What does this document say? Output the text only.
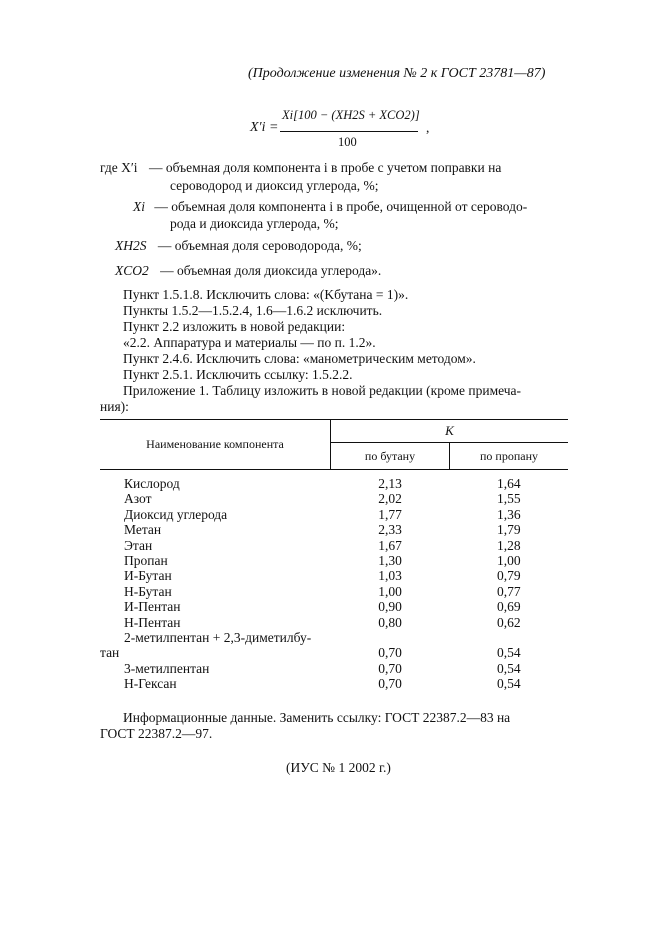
(Продолжение изменения № 2 к ГОСТ 23781—87)
X′i =
Xi[100 − (XH2S + XCO2)]
100
,
где X′i — объемная доля компонента i в пробе с учетом поправки на
сероводород и диоксид углерода, %;
Xi — объемная доля компонента i в пробе, очищенной от сероводо-
рода и диоксида углерода, %;
XH2S — объемная доля сероводорода, %;
XCO2 — объемная доля диоксида углерода».
Пункт 1.5.1.8. Исключить слова: «(Kбутана = 1)».
Пункты 1.5.2—1.5.2.4, 1.6—1.6.2 исключить.
Пункт 2.2 изложить в новой редакции:
«2.2. Аппаратура и материалы — по п. 1.2».
Пункт 2.4.6. Исключить слова: «манометрическим методом».
Пункт 2.5.1. Исключить ссылку: 1.5.2.2.
Приложение 1. Таблицу изложить в новой редакции (кроме примеча-
ния):
Наименование компонента	K	
	по бутану	по пропану
Кислород	2,13	1,64
Азот	2,02	1,55
Диоксид углерода	1,77	1,36
Метан	2,33	1,79
Этан	1,67	1,28
Пропан	1,30	1,00
И-Бутан	1,03	0,79
Н-Бутан	1,00	0,77
И-Пентан	0,90	0,69
Н-Пентан	0,80	0,62
2-метилпентан + 2,3-диметилбу-		
тан	0,70	0,54
3-метилпентан	0,70	0,54
Н-Гексан	0,70	0,54
Информационные данные. Заменить ссылку: ГОСТ 22387.2—83 на
ГОСТ 22387.2—97.
(ИУС № 1 2002 г.)
